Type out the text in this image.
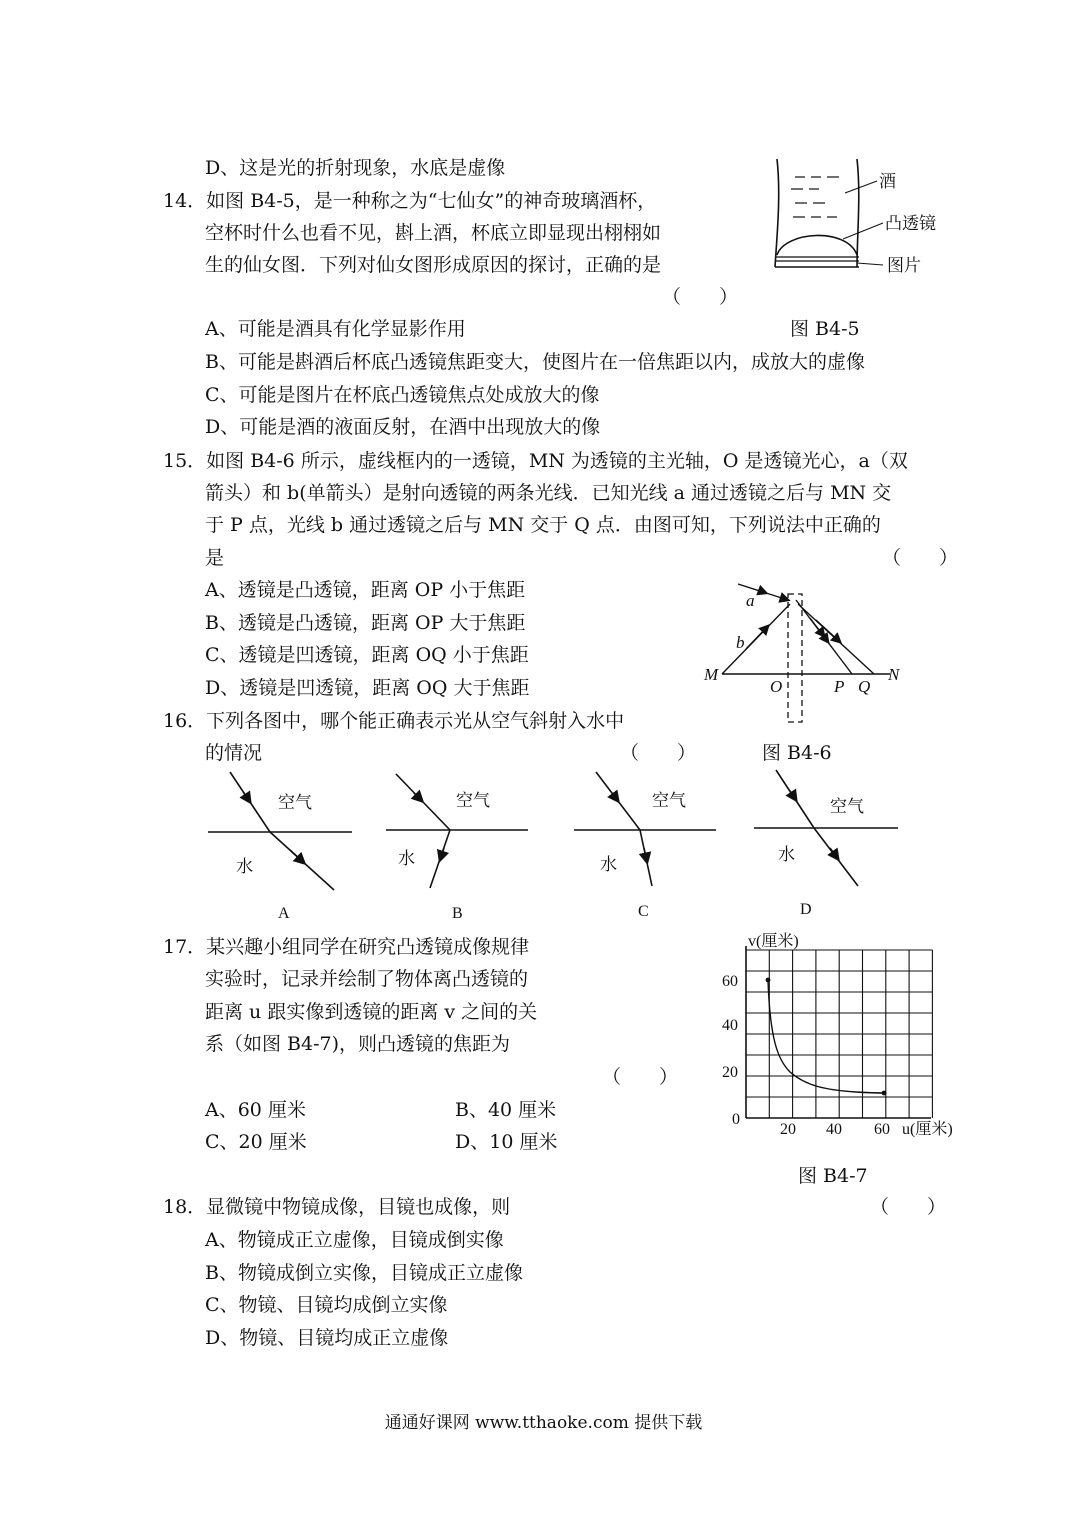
D、这是光的折射现象，水底是虚像
14．如图 B4-5，是一种称之为“七仙女”的神奇玻璃酒杯，
空杯时什么也看不见，斟上酒，杯底立即显现出栩栩如
生的仙女图．下列对仙女图形成原因的探讨，正确的是
（　　）
A、可能是酒具有化学显影作用
B、可能是斟酒后杯底凸透镜焦距变大，使图片在一倍焦距以内，成放大的虚像
C、可能是图片在杯底凸透镜焦点处成放大的像
D、可能是酒的液面反射，在酒中出现放大的像
酒
凸透镜
图片
图 B4-5
15．如图 B4-6 所示，虚线框内的一透镜，MN 为透镜的主光轴，O 是透镜光心，a（双
箭头）和 b(单箭头）是射向透镜的两条光线．已知光线 a 通过透镜之后与 MN 交
于 P 点，光线 b 通过透镜之后与 MN 交于 Q 点．由图可知，下列说法中正确的
是	（　　）
A、透镜是凸透镜，距离 OP 小于焦距
B、透镜是凸透镜，距离 OP 大于焦距
C、透镜是凹透镜，距离 OQ 小于焦距
D、透镜是凹透镜，距离 OQ 大于焦距
a
b
M
O	P Q
N
16．下列各图中，哪个能正确表示光从空气斜射入水中
的情况	（　　）	图 B4-6
空气
水
A
空气
水
B
空气
水
C
空气
水
D
17．某兴趣小组同学在研究凸透镜成像规律
实验时，记录并绘制了物体离凸透镜的
距离 u 跟实像到透镜的距离 v 之间的关
系（如图 B4-7)，则凸透镜的焦距为
（　　）
A、60 厘米	B、40 厘米
C、20 厘米	D、10 厘米
v(厘米)
u(厘米)
60
40
20
0
20 40 60
图 B4-7
18．显微镜中物镜成像，目镜也成像，则	（　　）
A、物镜成正立虚像，目镜成倒实像
B、物镜成倒立实像，目镜成正立虚像
C、物镜、目镜均成倒立实像
D、物镜、目镜均成正立虚像
通通好课网 www.tthaoke.com 提供下载
